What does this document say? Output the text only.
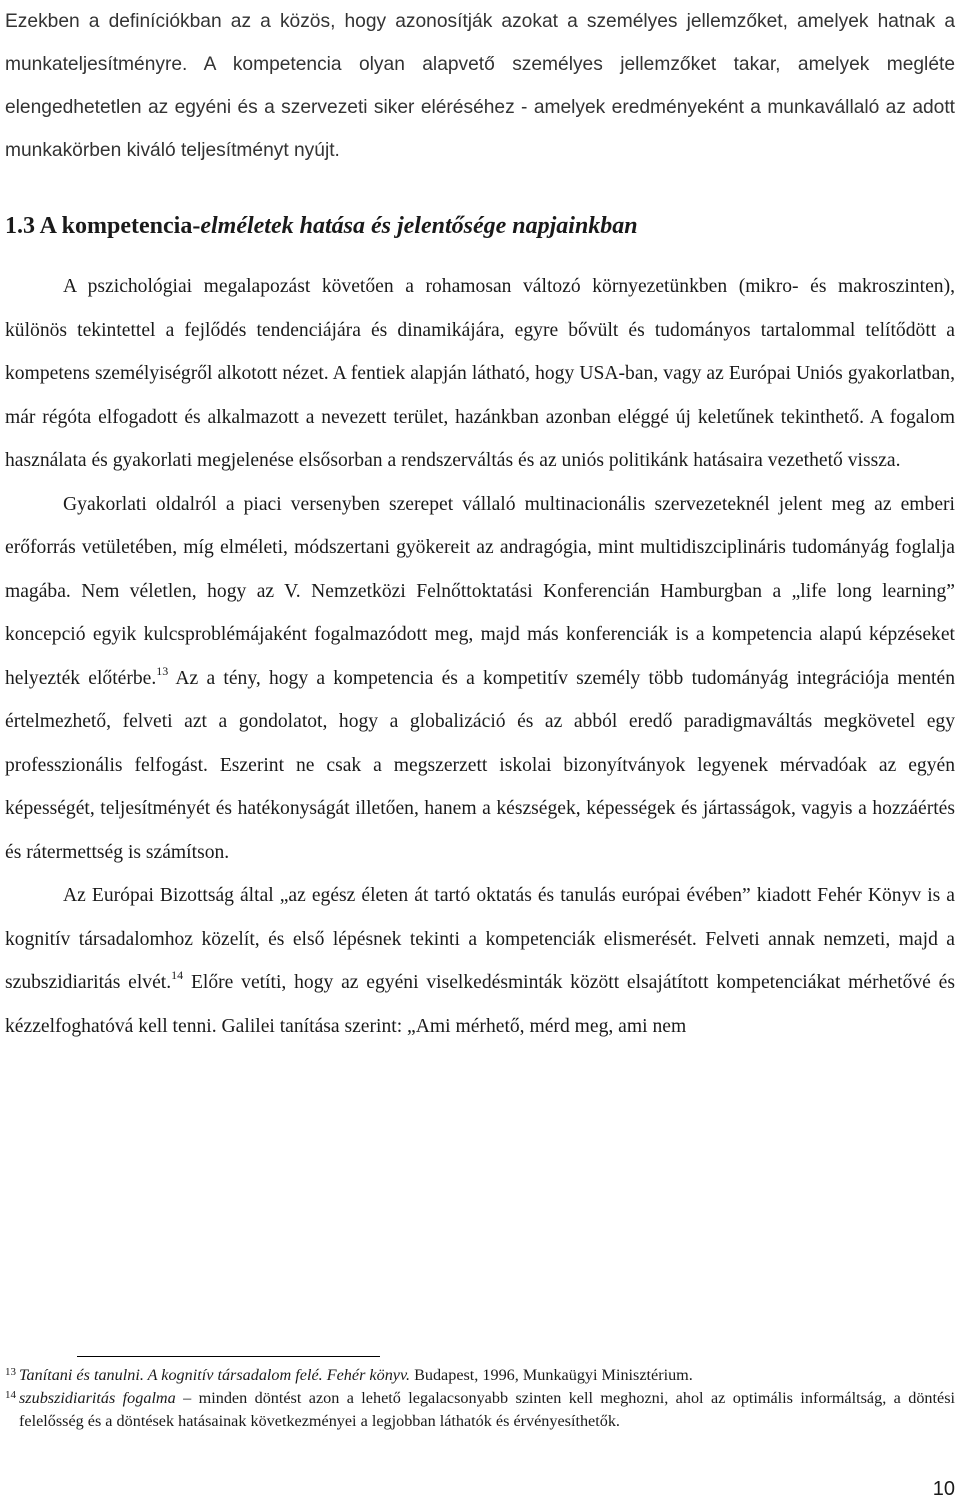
Ezekben a definíciókban az a közös, hogy azonosítják azokat a személyes jellemzőket, amelyek hatnak a munkateljesítményre. A kompetencia olyan alapvető személyes jellemzőket takar, amelyek megléte elengedhetetlen az egyéni és a szervezeti siker eléréséhez - amelyek eredményeként a munkavállaló az adott munkakörben kiváló teljesítményt nyújt.
1.3 A kompetencia-elméletek hatása és jelentősége napjainkban

A pszichológiai megalapozást követően a rohamosan változó környezetünkben (mikro- és makroszinten), különös tekintettel a fejlődés tendenciájára és dinamikájára, egyre bővült és tudományos tartalommal telítődött a kompetens személyiségről alkotott nézet. A fentiek alapján látható, hogy USA-ban, vagy az Európai Uniós gyakorlatban, már régóta elfogadott és alkalmazott a nevezett terület, hazánkban azonban eléggé új keletűnek tekinthető. A fogalom használata és gyakorlati megjelenése elsősorban a rendszerváltás és az uniós politikánk hatásaira vezethető vissza.

Gyakorlati oldalról a piaci versenyben szerepet vállaló multinacionális szervezeteknél jelent meg az emberi erőforrás vetületében, míg elméleti, módszertani gyökereit az andragógia, mint multidiszciplináris tudományág foglalja magába. Nem véletlen, hogy az V. Nemzetközi Felnőttoktatási Konferencián Hamburgban a „life long learning” koncepció egyik kulcsproblémájaként fogalmazódott meg, majd más konferenciák is a kompetencia alapú képzéseket helyezték előtérbe.$^{13}$ Az a tény, hogy a kompetencia és a kompetitív személy több tudományág integrációja mentén értelmezhető, felveti azt a gondolatot, hogy a globalizáció és az abból eredő paradigmaváltás megkövetel egy professzionális felfogást. Eszerint ne csak a megszerzett iskolai bizonyítványok legyenek mérvadóak az egyén képességét, teljesítményét és hatékonyságát illetően, hanem a készségek, képességek és jártasságok, vagyis a hozzáértés és rátermettség is számítson.

Az Európai Bizottság által „az egész életen át tartó oktatás és tanulás európai évében” kiadott Fehér Könyv is a kognitív társadalomhoz közelít, és első lépésnek tekinti a kompetenciák elismerését. Felveti annak nemzeti, majd a szubszidiaritás elvét.$^{14}$ Előre vetíti, hogy az egyéni viselkedésminták között elsajátított kompetenciákat mérhetővé és kézzelfoghatóvá kell tenni. Galilei tanítása szerint: „Ami mérhető, mérd meg, ami nem

13 Tanítani és tanulni. A kognitív társadalom felé. Fehér könyv. Budapest, 1996, Munkaügyi Minisztérium.

14 szubszidiaritás fogalma – minden döntést azon a lehető legalacsonyabb szinten kell meghozni, ahol az optimális informáltság, a döntési felelősség és a döntések hatásainak következményei a legjobban láthatók és érvényesíthetők.

10
